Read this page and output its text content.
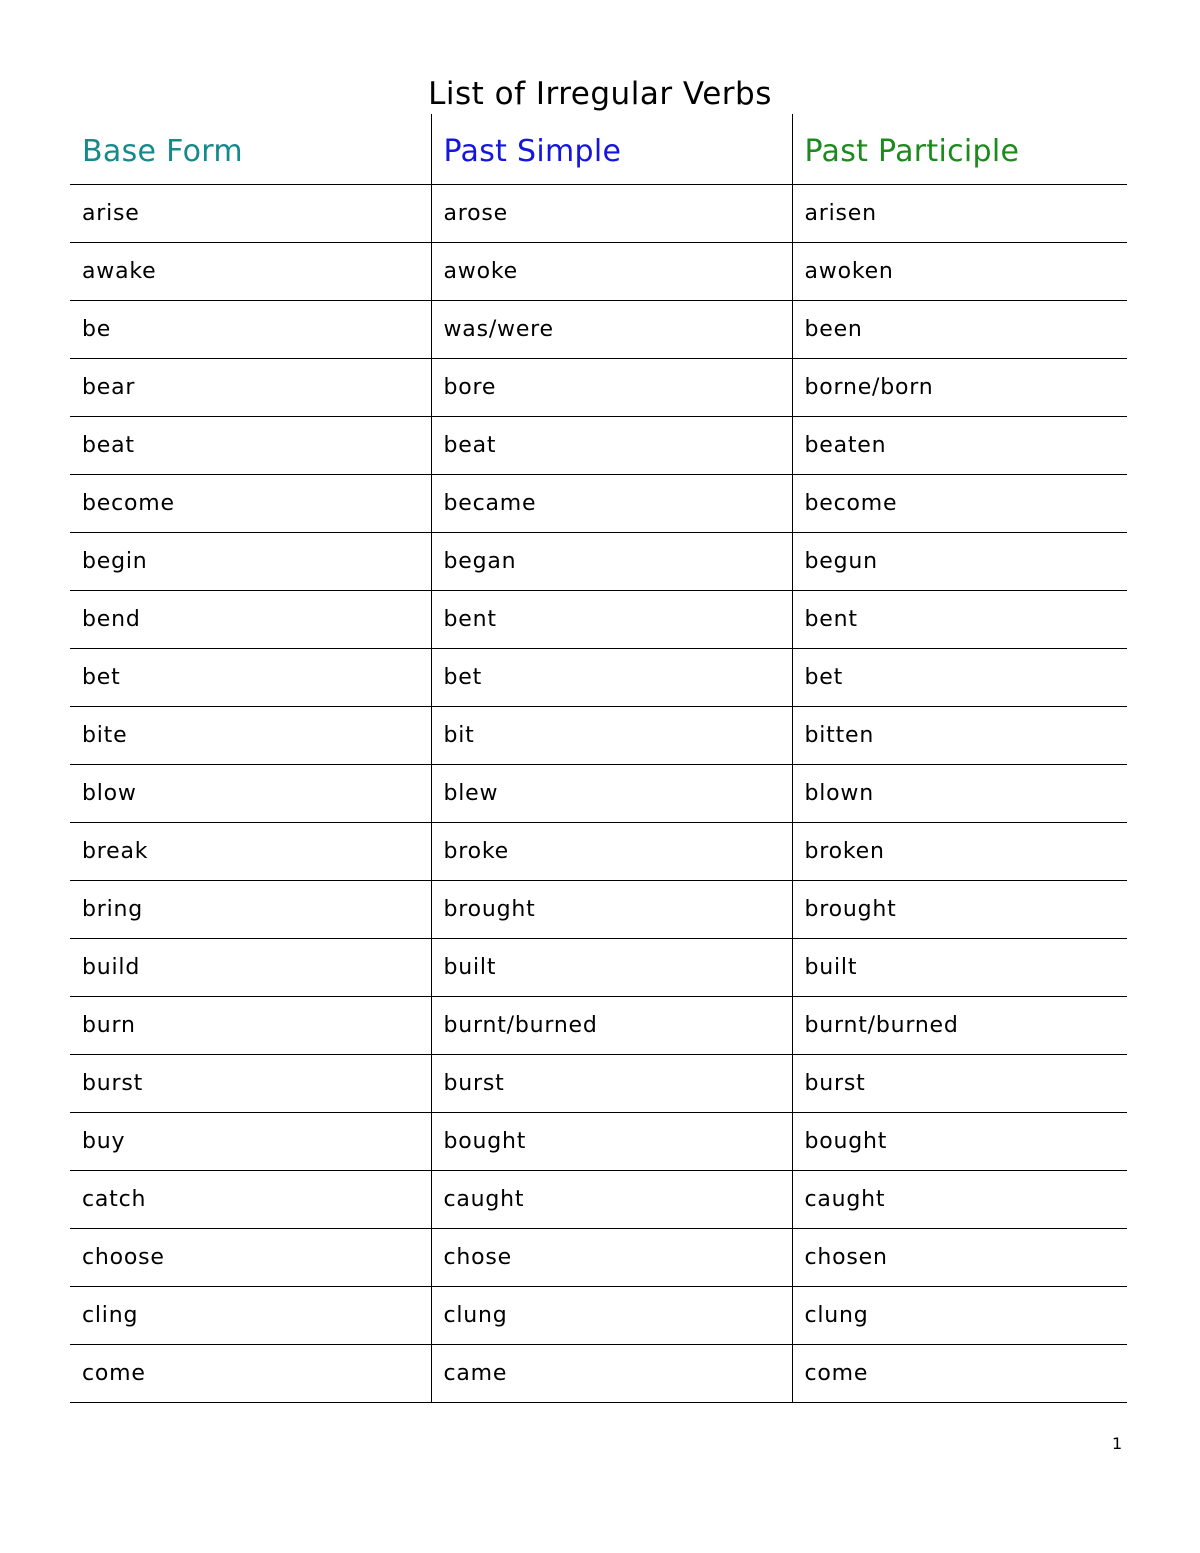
List of Irregular Verbs
Base Form	Past Simple	Past Participle
arise	arose	arisen
awake	awoke	awoken
be	was/were	been
bear	bore	borne/born
beat	beat	beaten
become	became	become
begin	began	begun
bend	bent	bent
bet	bet	bet
bite	bit	bitten
blow	blew	blown
break	broke	broken
bring	brought	brought
build	built	built
burn	burnt/burned	burnt/burned
burst	burst	burst
buy	bought	bought
catch	caught	caught
choose	chose	chosen
cling	clung	clung
come	came	come
1
